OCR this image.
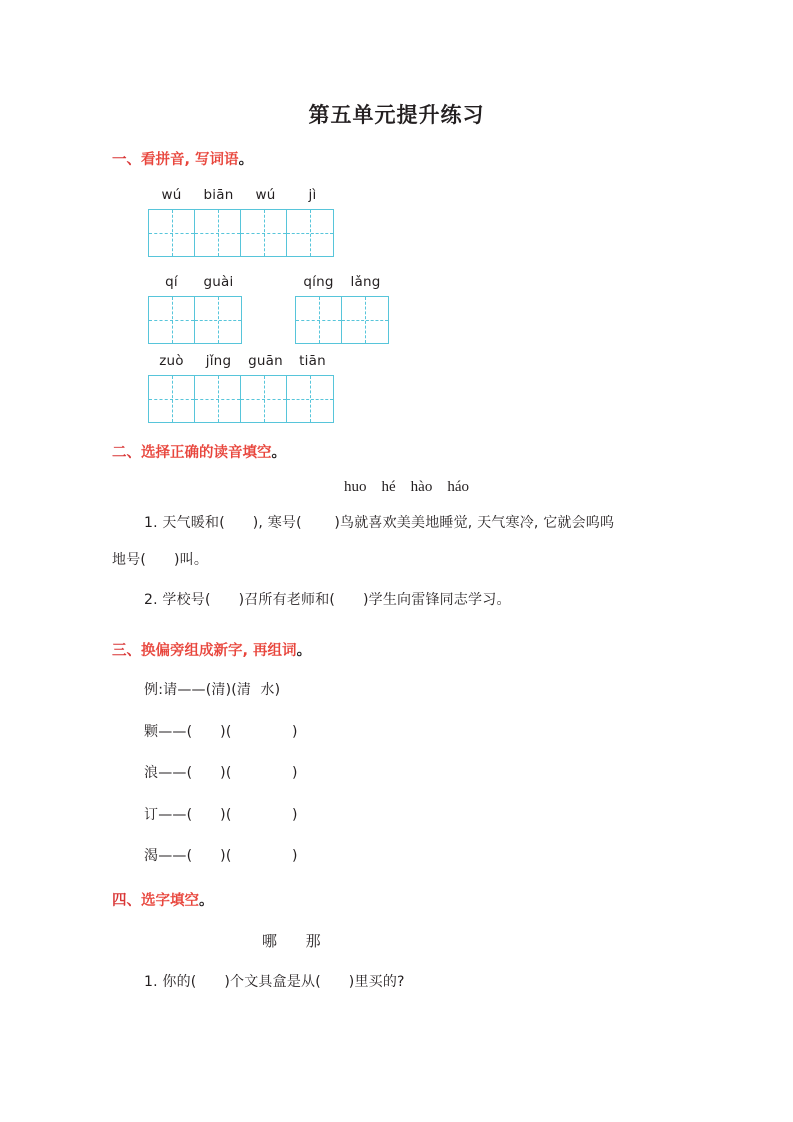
第五单元提升练习
一、看拼音, 写词语。
wú	biān	wú	jì
qí	guài	qíng	lǎng
zuò	jǐng	guān	tiān
二、选择正确的读音填空。
huo    hé    hào    háo
1. 天气暖和(      ), 寒号(       )鸟就喜欢美美地睡觉, 天气寒冷, 它就会呜呜
地号(      )叫。
2. 学校号(      )召所有老师和(      )学生向雷锋同志学习。
三、换偏旁组成新字, 再组词。
例:请——(清)(清  水)
颗——(      )(             )
浪——(      )(             )
订——(      )(             )
渴——(      )(             )
四、选字填空。
哪      那
1. 你的(      )个文具盒是从(      )里买的?
